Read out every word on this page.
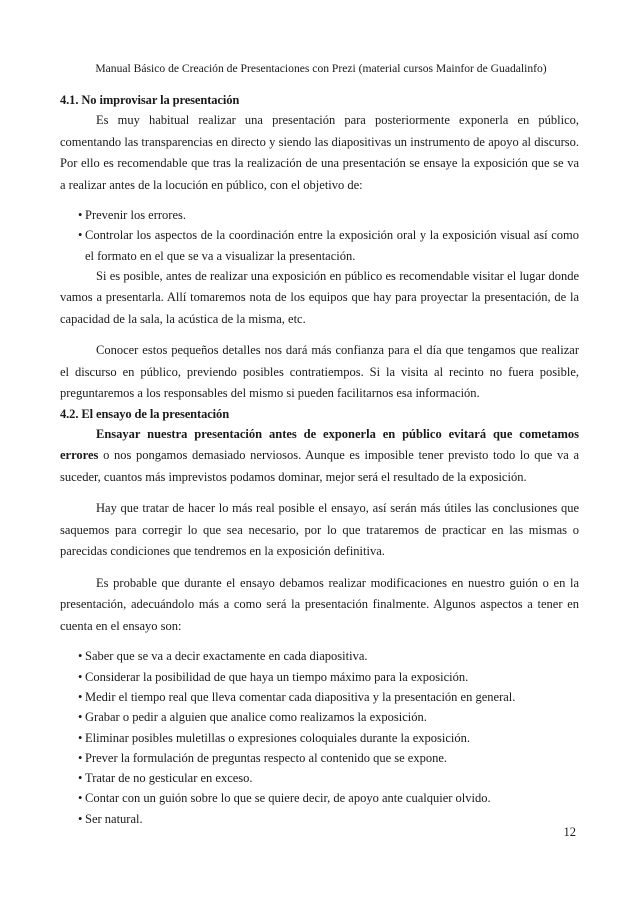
Manual Básico de Creación de Presentaciones con Prezi (material cursos Mainfor de Guadalinfo)
4.1. No improvisar la presentación

Es muy habitual realizar una presentación para posteriormente exponerla en público, comentando las transparencias en directo y siendo las diapositivas un instrumento de apoyo al discurso. Por ello es recomendable que tras la realización de una presentación se ensaye la exposición que se va a realizar antes de la locución en público, con el objetivo de:

• Prevenir los errores.
• Controlar los aspectos de la coordinación entre la exposición oral y la exposición visual así como el formato en el que se va a visualizar la presentación.

Si es posible, antes de realizar una exposición en público es recomendable visitar el lugar donde vamos a presentarla. Allí tomaremos nota de los equipos que hay para proyectar la presentación, de la capacidad de la sala, la acústica de la misma, etc.

Conocer estos pequeños detalles nos dará más confianza para el día que tengamos que realizar el discurso en público, previendo posibles contratiempos. Si la visita al recinto no fuera posible, preguntaremos a los responsables del mismo si pueden facilitarnos esa información.

4.2. El ensayo de la presentación

Ensayar nuestra presentación antes de exponerla en público evitará que cometamos errores o nos pongamos demasiado nerviosos. Aunque es imposible tener previsto todo lo que va a suceder, cuantos más imprevistos podamos dominar, mejor será el resultado de la exposición.

Hay que tratar de hacer lo más real posible el ensayo, así serán más útiles las conclusiones que saquemos para corregir lo que sea necesario, por lo que trataremos de practicar en las mismas o parecidas condiciones que tendremos en la exposición definitiva.

Es probable que durante el ensayo debamos realizar modificaciones en nuestro guión o en la presentación, adecuándolo más a como será la presentación finalmente. Algunos aspectos a tener en cuenta en el ensayo son:

• Saber que se va a decir exactamente en cada diapositiva.
• Considerar la posibilidad de que haya un tiempo máximo para la exposición.
• Medir el tiempo real que lleva comentar cada diapositiva y la presentación en general.
• Grabar o pedir a alguien que analice como realizamos la exposición.
• Eliminar posibles muletillas o expresiones coloquiales durante la exposición.
• Prever la formulación de preguntas respecto al contenido que se expone.
• Tratar de no gesticular en exceso.
• Contar con un guión sobre lo que se quiere decir, de apoyo ante cualquier olvido.
• Ser natural.
12
